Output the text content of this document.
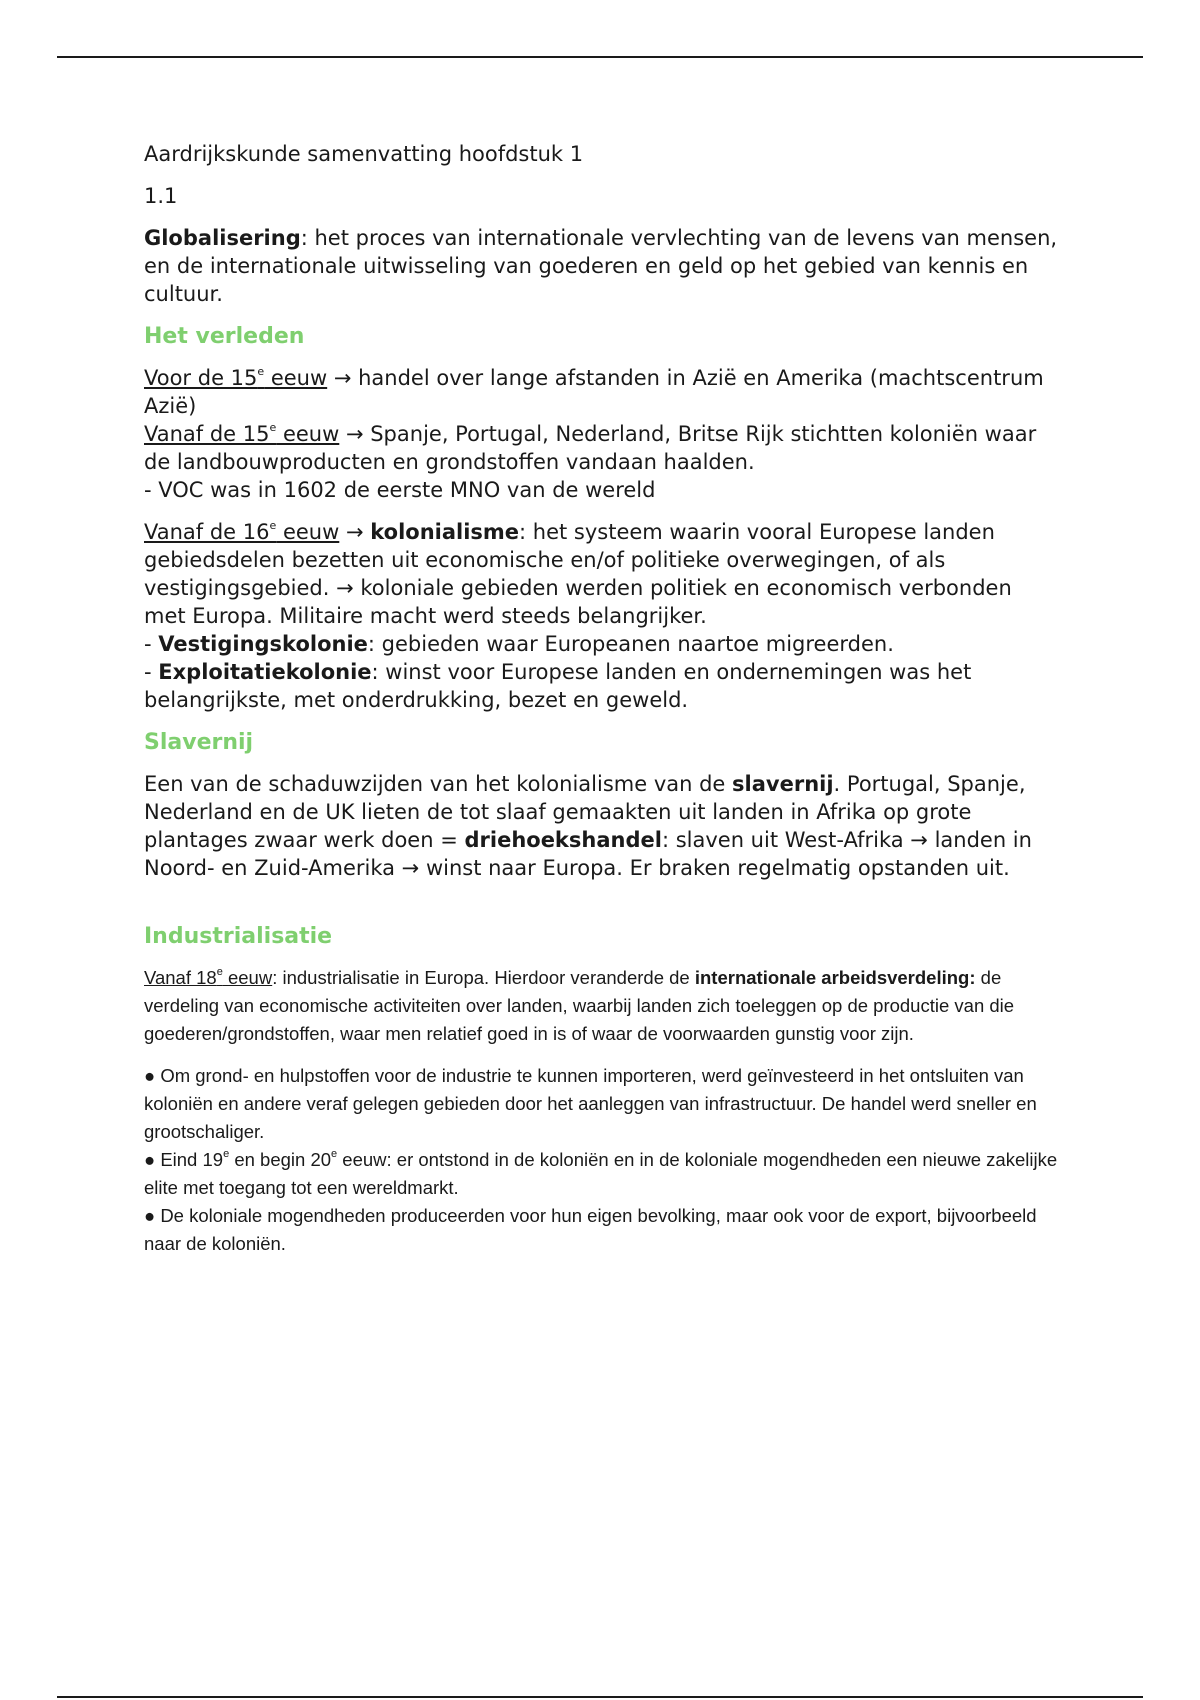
Aardrijkskunde samenvatting hoofdstuk 1

1.1

Globalisering: het proces van internationale vervlechting van de levens van mensen, en de internationale uitwisseling van goederen en geld op het gebied van kennis en cultuur.

Het verleden

Voor de 15e eeuw → handel over lange afstanden in Azië en Amerika (machtscentrum Azië)

Vanaf de 15e eeuw → Spanje, Portugal, Nederland, Britse Rijk stichtten koloniën waar de landbouwproducten en grondstoffen vandaan haalden.

- VOC was in 1602 de eerste MNO van de wereld

Vanaf de 16e eeuw → kolonialisme: het systeem waarin vooral Europese landen gebiedsdelen bezetten uit economische en/of politieke overwegingen, of als vestigingsgebied. → koloniale gebieden werden politiek en economisch verbonden met Europa. Militaire macht werd steeds belangrijker.

- Vestigingskolonie: gebieden waar Europeanen naartoe migreerden.

- Exploitatiekolonie: winst voor Europese landen en ondernemingen was het belangrijkste, met onderdrukking, bezet en geweld.

Slavernij

Een van de schaduwzijden van het kolonialisme van de slavernij. Portugal, Spanje, Nederland en de UK lieten de tot slaaf gemaakten uit landen in Afrika op grote plantages zwaar werk doen = driehoekshandel: slaven uit West-Afrika → landen in Noord- en Zuid-Amerika → winst naar Europa. Er braken regelmatig opstanden uit.

Industrialisatie

Vanaf 18e eeuw: industrialisatie in Europa. Hierdoor veranderde de internationale arbeidsverdeling: de verdeling van economische activiteiten over landen, waarbij landen zich toeleggen op de productie van die goederen/grondstoffen, waar men relatief goed in is of waar de voorwaarden gunstig voor zijn.

● Om grond- en hulpstoffen voor de industrie te kunnen importeren, werd geïnvesteerd in het ontsluiten van koloniën en andere veraf gelegen gebieden door het aanleggen van infrastructuur. De handel werd sneller en grootschaliger.

● Eind 19e en begin 20e eeuw: er ontstond in de koloniën en in de koloniale mogendheden een nieuwe zakelijke elite met toegang tot een wereldmarkt.

● De koloniale mogendheden produceerden voor hun eigen bevolking, maar ook voor de export, bijvoorbeeld naar de koloniën.
